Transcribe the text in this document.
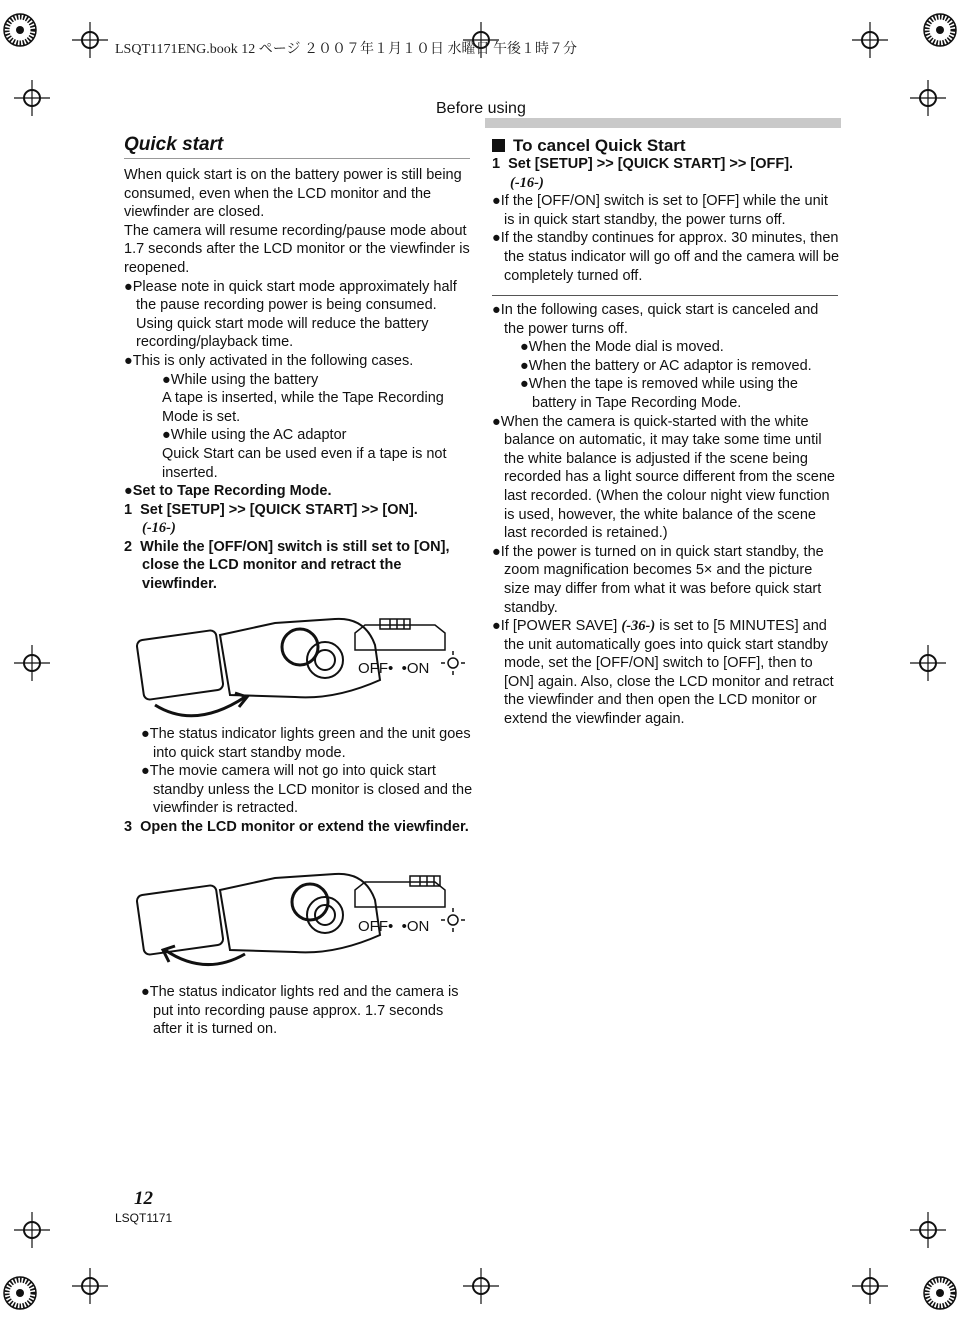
LSQT1171ENG.book 12 ページ ２００７年１月１０日 水曜日 午後１時７分
Before using
Quick start

When quick start is on the battery power is still being consumed, even when the LCD monitor and the viewfinder are closed.

The camera will resume recording/pause mode about 1.7 seconds after the LCD monitor or the viewfinder is reopened.

●Please note in quick start mode approximately half the pause recording power is being consumed. Using quick start mode will reduce the battery recording/playback time.

●This is only activated in the following cases.

●While using the battery

A tape is inserted, while the Tape Recording Mode is set.

●While using the AC adaptor

Quick Start can be used even if a tape is not inserted.

●Set to Tape Recording Mode.

1 Set [SETUP] >> [QUICK START] >> [ON].

(-16-)

2 While the [OFF/ON] switch is still set to [ON], close the LCD monitor and retract the viewfinder.

OFF•  •ON

●The status indicator lights green and the unit goes into quick start standby mode.

●The movie camera will not go into quick start standby unless the LCD monitor is closed and the viewfinder is retracted.

3 Open the LCD monitor or extend the viewfinder.

OFF•  •ON

●The status indicator lights red and the camera is put into recording pause approx. 1.7 seconds after it is turned on.

To cancel Quick Start

1 Set [SETUP] >> [QUICK START] >> [OFF].

(-16-)

●If the [OFF/ON] switch is set to [OFF] while the unit is in quick start standby, the power turns off.

●If the standby continues for approx. 30 minutes, then the status indicator will go off and the camera will be completely turned off.

●In the following cases, quick start is canceled and the power turns off.

●When the Mode dial is moved.

●When the battery or AC adaptor is removed.

●When the tape is removed while using the battery in Tape Recording Mode.

●When the camera is quick-started with the white balance on automatic, it may take some time until the white balance is adjusted if the scene being recorded has a light source different from the scene last recorded. (When the colour night view function is used, however, the white balance of the scene last recorded is retained.)

●If the power is turned on in quick start standby, the zoom magnification becomes 5× and the picture size may differ from what it was before quick start standby.

●If [POWER SAVE] (-36-) is set to [5 MINUTES] and the unit automatically goes into quick start standby mode, set the [OFF/ON] switch to [OFF], then to [ON] again. Also, close the LCD monitor and retract the viewfinder and then open the LCD monitor or extend the viewfinder again.

12
LSQT1171
